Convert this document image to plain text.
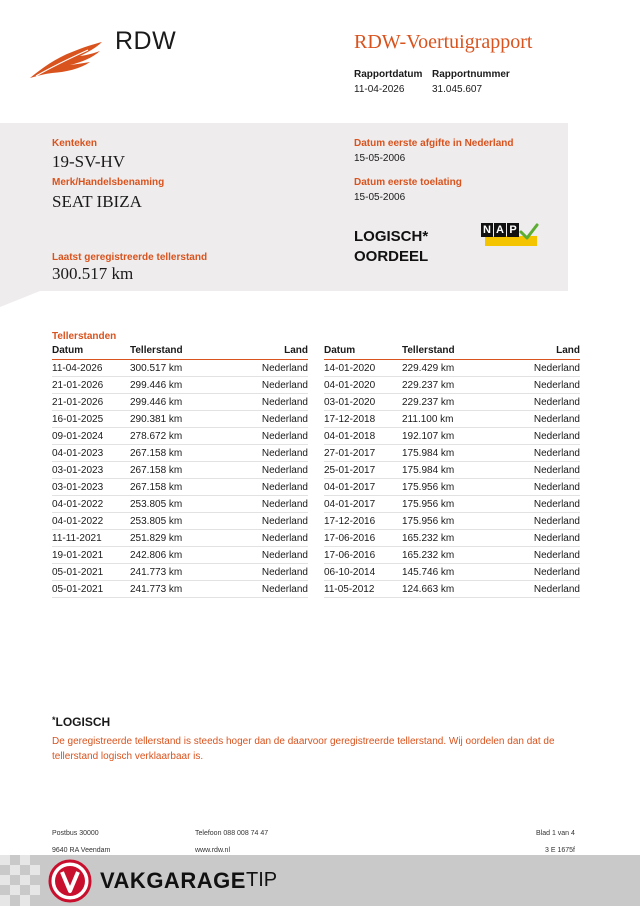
RDW	RDW-Voertuigrapport
Rapportdatum
11-04-2026
Rapportnummer
31.045.607
Kenteken
19-SV-HV
Merk/Handelsbenaming
SEAT IBIZA
Laatst geregistreerde tellerstand
300.517 km
Datum eerste afgifte in Nederland
15-05-2006
Datum eerste toelating
15-05-2006
LOGISCH*
OORDEEL
N A P
Tellerstanden
Datum	Tellerstand	Land
11-04-2026	300.517 km	Nederland
21-01-2026	299.446 km	Nederland
21-01-2026	299.446 km	Nederland
16-01-2025	290.381 km	Nederland
09-01-2024	278.672 km	Nederland
04-01-2023	267.158 km	Nederland
03-01-2023	267.158 km	Nederland
03-01-2023	267.158 km	Nederland
04-01-2022	253.805 km	Nederland
04-01-2022	253.805 km	Nederland
11-11-2021	251.829 km	Nederland
19-01-2021	242.806 km	Nederland
05-01-2021	241.773 km	Nederland
05-01-2021	241.773 km	Nederland
Datum	Tellerstand	Land
14-01-2020	229.429 km	Nederland
04-01-2020	229.237 km	Nederland
03-01-2020	229.237 km	Nederland
17-12-2018	211.100 km	Nederland
04-01-2018	192.107 km	Nederland
27-01-2017	175.984 km	Nederland
25-01-2017	175.984 km	Nederland
04-01-2017	175.956 km	Nederland
04-01-2017	175.956 km	Nederland
17-12-2016	175.956 km	Nederland
17-06-2016	165.232 km	Nederland
17-06-2016	165.232 km	Nederland
06-10-2014	145.746 km	Nederland
11-05-2012	124.663 km	Nederland
*LOGISCH
De geregistreerde tellerstand is steeds hoger dan de daarvoor geregistreerde tellerstand. Wij oordelen dan dat de tellerstand logisch verklaarbaar is.
Postbus 30000
9640 RA Veendam
Telefoon 088 008 74 47
www.rdw.nl
Blad 1 van 4
3 E 1675f
VAKGARAGE TIP
